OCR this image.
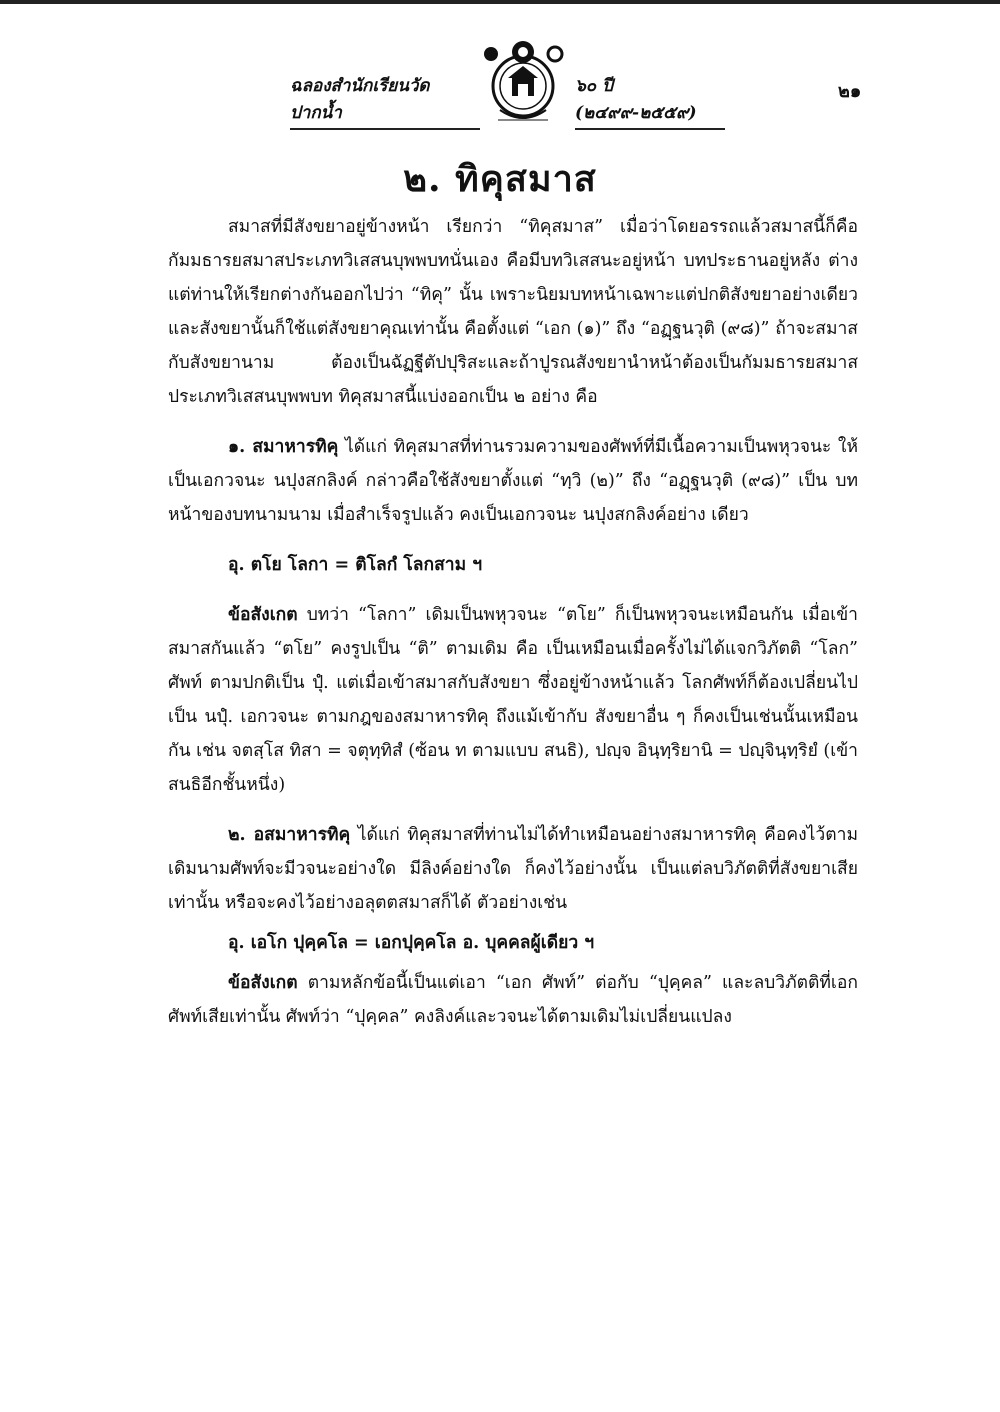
ฉลองสำนักเรียนวัดปากน้ำ
๖๐ ปี (๒๔๙๙-๒๕๕๙)
๒๑
๒. ทิคุสมาส

สมาสที่มีสังขยาอยู่ข้างหน้า เรียกว่า “ทิคุสมาส” เมื่อว่าโดยอรรถแล้วสมาสนี้ก็คือ กัมมธารยสมาสประเภทวิเสสนบุพพบทนั่นเอง คือมีบทวิเสสนะอยู่หน้า บทประธานอยู่หลัง ต่างแต่ท่านให้เรียกต่างกันออกไปว่า “ทิคุ” นั้น เพราะนิยมบทหน้าเฉพาะแต่ปกติสังขยาอย่างเดียวและสังขยานั้นก็ใช้แต่สังขยาคุณเท่านั้น คือตั้งแต่ “เอก (๑)” ถึง “อฏฺฐนวุติ (๙๘)” ถ้าจะสมาสกับสังขยานาม ต้องเป็นฉัฏฐีตัปปุริสะและถ้าปูรณสังขยานำหน้าต้องเป็นกัมมธารยสมาส ประเภทวิเสสนบุพพบท ทิคุสมาสนี้แบ่งออกเป็น ๒ อย่าง คือ

๑. สมาหารทิคุ ได้แก่ ทิคุสมาสที่ท่านรวมความของศัพท์ที่มีเนื้อความเป็นพหุวจนะ ให้เป็นเอกวจนะ นปุงสกลิงค์ กล่าวคือใช้สังขยาตั้งแต่ “ทฺวิ (๒)” ถึง “อฏฺฐนวุติ (๙๘)” เป็น บทหน้าของบทนามนาม เมื่อสำเร็จรูปแล้ว คงเป็นเอกวจนะ นปุงสกลิงค์อย่าง เดียว

อุ. ตโย โลกา = ติโลกํ โลกสาม ฯ

ข้อสังเกต บทว่า “โลกา” เดิมเป็นพหุวจนะ “ตโย” ก็เป็นพหุวจนะเหมือนกัน เมื่อเข้าสมาสกันแล้ว “ตโย” คงรูปเป็น “ติ” ตามเดิม คือ เป็นเหมือนเมื่อครั้งไม่ได้แจกวิภัตติ “โลก” ศัพท์ ตามปกติเป็น ปุํ. แต่เมื่อเข้าสมาสกับสังขยา ซึ่งอยู่ข้างหน้าแล้ว โลกศัพท์ก็ต้องเปลี่ยนไปเป็น นปุํ. เอกวจนะ ตามกฎของสมาหารทิคุ ถึงแม้เข้ากับ สังขยาอื่น ๆ ก็คงเป็นเช่นนั้นเหมือนกัน เช่น จตสฺโส ทิสา = จตุทฺทิสํ (ซ้อน ท ตามแบบ สนธิ), ปญฺจ อินฺทฺริยานิ = ปญฺจินฺทฺริยํ (เข้าสนธิอีกชั้นหนึ่ง)

๒. อสมาหารทิคุ ได้แก่ ทิคุสมาสที่ท่านไม่ได้ทำเหมือนอย่างสมาหารทิคุ คือคงไว้ตามเดิมนามศัพท์จะมีวจนะอย่างใด มีลิงค์อย่างใด ก็คงไว้อย่างนั้น เป็นแต่ลบวิภัตติที่สังขยาเสียเท่านั้น หรือจะคงไว้อย่างอลุตตสมาสก็ได้ ตัวอย่างเช่น

อุ. เอโก ปุคฺคโล = เอกปุคฺคโล อ. บุคคลผู้เดียว ฯ

ข้อสังเกต ตามหลักข้อนี้เป็นแต่เอา “เอก ศัพท์” ต่อกับ “ปุคฺคล” และลบวิภัตติที่เอกศัพท์เสียเท่านั้น ศัพท์ว่า “ปุคฺคล” คงลิงค์และวจนะได้ตามเดิมไม่เปลี่ยนแปลง
